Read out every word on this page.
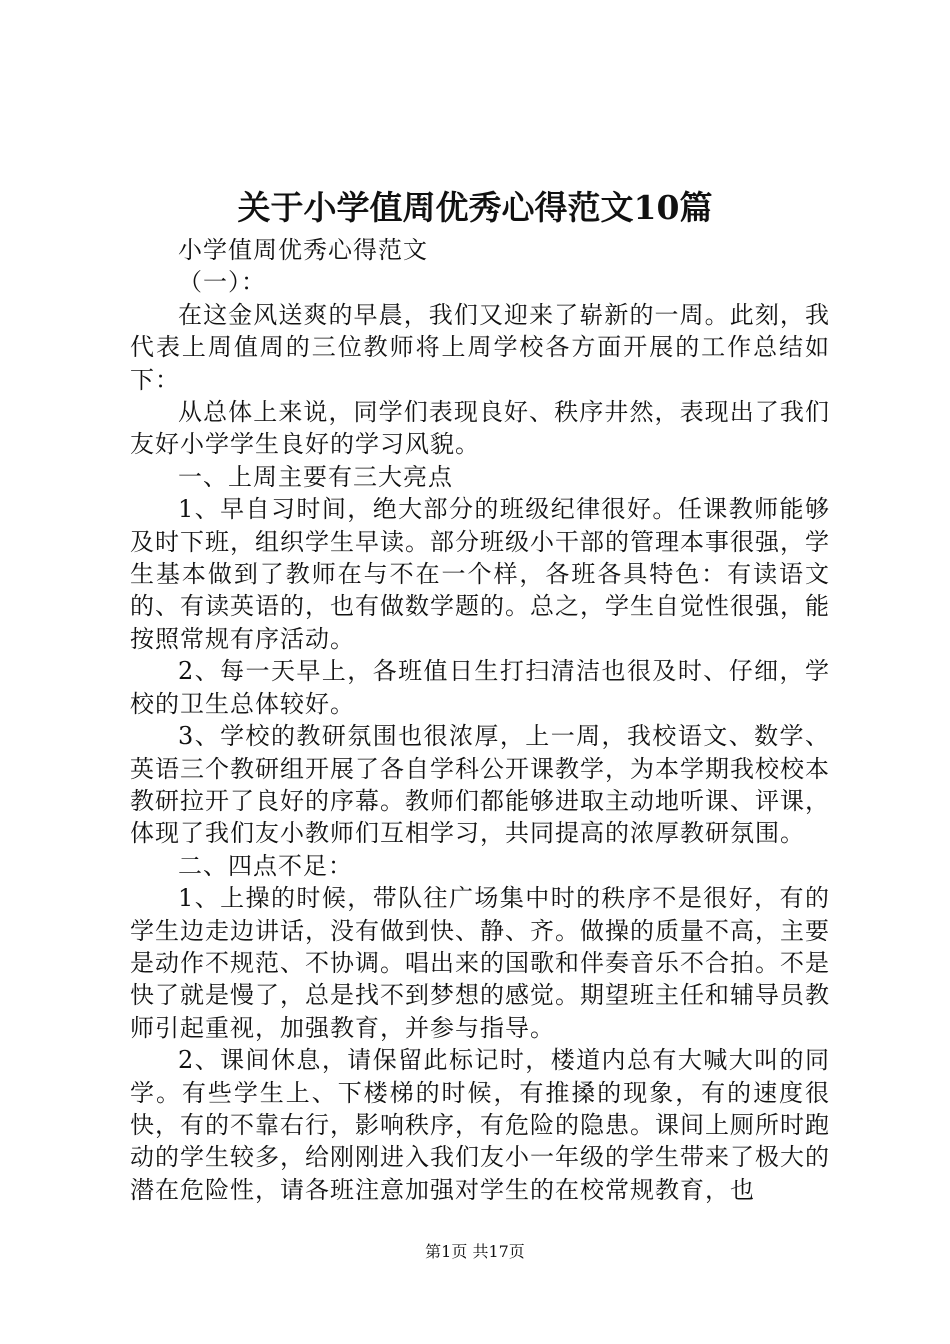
关于小学值周优秀心得范文10篇

小学值周优秀心得范文

（一）：

在这金风送爽的早晨，我们又迎来了崭新的一周。此刻，我代表上周值周的三位教师将上周学校各方面开展的工作总结如下：

从总体上来说，同学们表现良好、秩序井然，表现出了我们友好小学学生良好的学习风貌。

一、上周主要有三大亮点

1、早自习时间，绝大部分的班级纪律很好。任课教师能够及时下班，组织学生早读。部分班级小干部的管理本事很强，学生基本做到了教师在与不在一个样，各班各具特色：有读语文的、有读英语的，也有做数学题的。总之，学生自觉性很强，能按照常规有序活动。

2、每一天早上，各班值日生打扫清洁也很及时、仔细，学校的卫生总体较好。

3、学校的教研氛围也很浓厚，上一周，我校语文、数学、英语三个教研组开展了各自学科公开课教学，为本学期我校校本教研拉开了良好的序幕。教师们都能够进取主动地听课、评课，体现了我们友小教师们互相学习，共同提高的浓厚教研氛围。

二、四点不足：

1、上操的时候，带队往广场集中时的秩序不是很好，有的学生边走边讲话，没有做到快、静、齐。做操的质量不高，主要是动作不规范、不协调。唱出来的国歌和伴奏音乐不合拍。不是快了就是慢了，总是找不到梦想的感觉。期望班主任和辅导员教师引起重视，加强教育，并参与指导。

2、课间休息，请保留此标记时，楼道内总有大喊大叫的同学。有些学生上、下楼梯的时候，有推搡的现象，有的速度很快，有的不靠右行，影响秩序，有危险的隐患。课间上厕所时跑动的学生较多，给刚刚进入我们友小一年级的学生带来了极大的潜在危险性，请各班注意加强对学生的在校常规教育，也

第1页 共17页
